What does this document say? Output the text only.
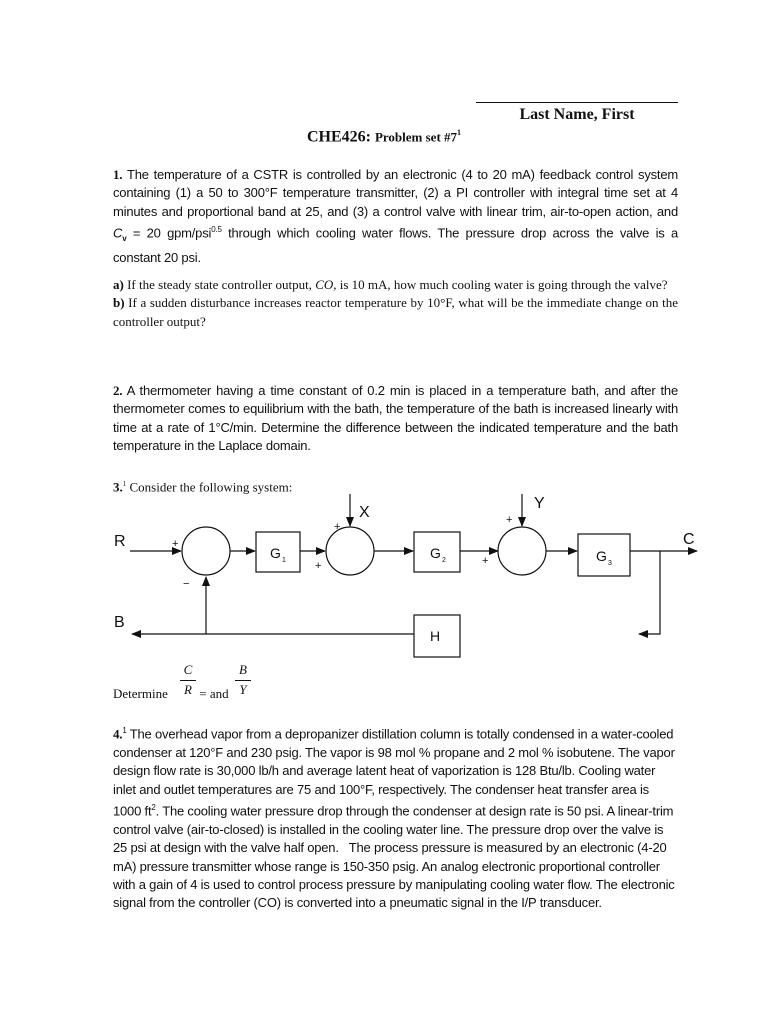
Last Name, First
CHE426: Problem set $\#7^1$
1. The temperature of a CSTR is controlled by an electronic (4 to 20 mA) feedback control system containing (1) a 50 to 300°F temperature transmitter, (2) a PI controller with integral time set at 4 minutes and proportional band at 25, and (3) a control valve with linear trim, air-to-open action, and $C_v = 20$ gpm/psi$^{0.5}$ through which cooling water flows. The pressure drop across the valve is a constant 20 psi.
a) If the steady state controller output, CO, is 10 mA, how much cooling water is going through the valve?
b) If a sudden disturbance increases reactor temperature by 10°F, what will be the immediate change on the controller output?
2. A thermometer having a time constant of 0.2 min is placed in a temperature bath, and after the thermometer comes to equilibrium with the bath, the temperature of the bath is increased linearly with time at a rate of 1°C/min. Determine the difference between the indicated temperature and the bath temperature in the Laplace domain.
3.$^1$ Consider the following system:
R
X
Y
C
B
G 1	G 2	G 3
H
+
−
+
+
+
+
Determine
C
R = and
B
Y
4.$^1$ The overhead vapor from a depropanizer distillation column is totally condensed in a water-cooled condenser at 120°F and 230 psig. The vapor is 98 mol % propane and 2 mol % isobutene. The vapor design flow rate is 30,000 lb/h and average latent heat of vaporization is 128 Btu/lb. Cooling water inlet and outlet temperatures are 75 and 100°F, respectively. The condenser heat transfer area is 1000 $ft^2$. The cooling water pressure drop through the condenser at design rate is 50 psi. A linear-trim control valve (air-to-closed) is installed in the cooling water line. The pressure drop over the valve is 25 psi at design with the valve half open.   The process pressure is measured by an electronic (4-20 mA) pressure transmitter whose range is 150-350 psig. An analog electronic proportional controller with a gain of 4 is used to control process pressure by manipulating cooling water flow. The electronic signal from the controller (CO) is converted into a pneumatic signal in the I/P transducer.
